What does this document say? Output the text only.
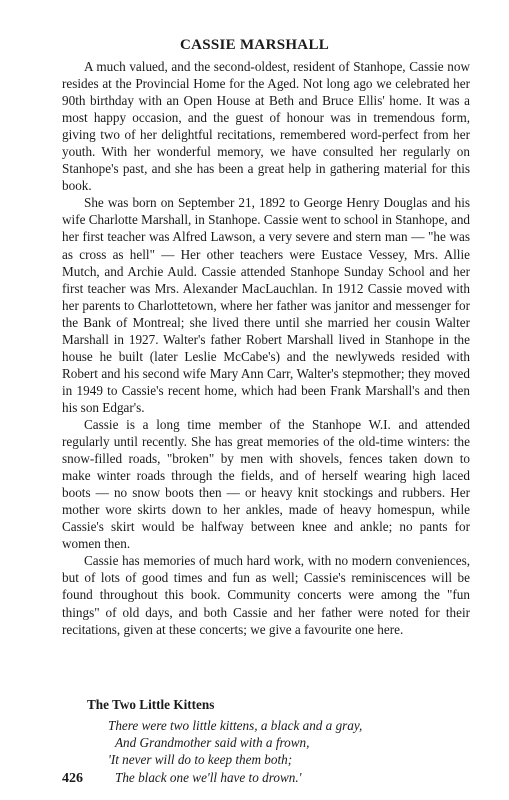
CASSIE MARSHALL

A much valued, and the second-oldest, resident of Stanhope, Cassie now resides at the Provincial Home for the Aged. Not long ago we celebrated her 90th birthday with an Open House at Beth and Bruce Ellis' home. It was a most happy occasion, and the guest of honour was in tremendous form, giving two of her delightful recitations, remembered word-perfect from her youth. With her wonderful memory, we have consulted her regularly on Stanhope's past, and she has been a great help in gathering material for this book.

She was born on September 21, 1892 to George Henry Douglas and his wife Charlotte Marshall, in Stanhope. Cassie went to school in Stanhope, and her first teacher was Alfred Lawson, a very severe and stern man — "he was as cross as hell" — Her other teachers were Eustace Vessey, Mrs. Allie Mutch, and Archie Auld. Cassie attended Stanhope Sunday School and her first teacher was Mrs. Alexander MacLauchlan. In 1912 Cassie moved with her parents to Charlottetown, where her father was janitor and messenger for the Bank of Montreal; she lived there until she married her cousin Walter Marshall in 1927. Walter's father Robert Marshall lived in Stanhope in the house he built (later Leslie McCabe's) and the newlyweds resided with Robert and his second wife Mary Ann Carr, Walter's stepmother; they moved in 1949 to Cassie's recent home, which had been Frank Marshall's and then his son Edgar's.

Cassie is a long time member of the Stanhope W.I. and attended regularly until recently. She has great memories of the old-time winters: the snow-filled roads, "broken" by men with shovels, fences taken down to make winter roads through the fields, and of herself wearing high laced boots — no snow boots then — or heavy knit stockings and rubbers. Her mother wore skirts down to her ankles, made of heavy homespun, while Cassie's skirt would be halfway between knee and ankle; no pants for women then.

Cassie has memories of much hard work, with no modern conveniences, but of lots of good times and fun as well; Cassie's reminiscences will be found throughout this book. Community concerts were among the "fun things" of old days, and both Cassie and her father were noted for their recitations, given at these concerts; we give a favourite one here.

The Two Little Kittens
There were two little kittens, a black and a gray,
And Grandmother said with a frown,
'It never will do to keep them both;
The black one we'll have to drown.'
426
